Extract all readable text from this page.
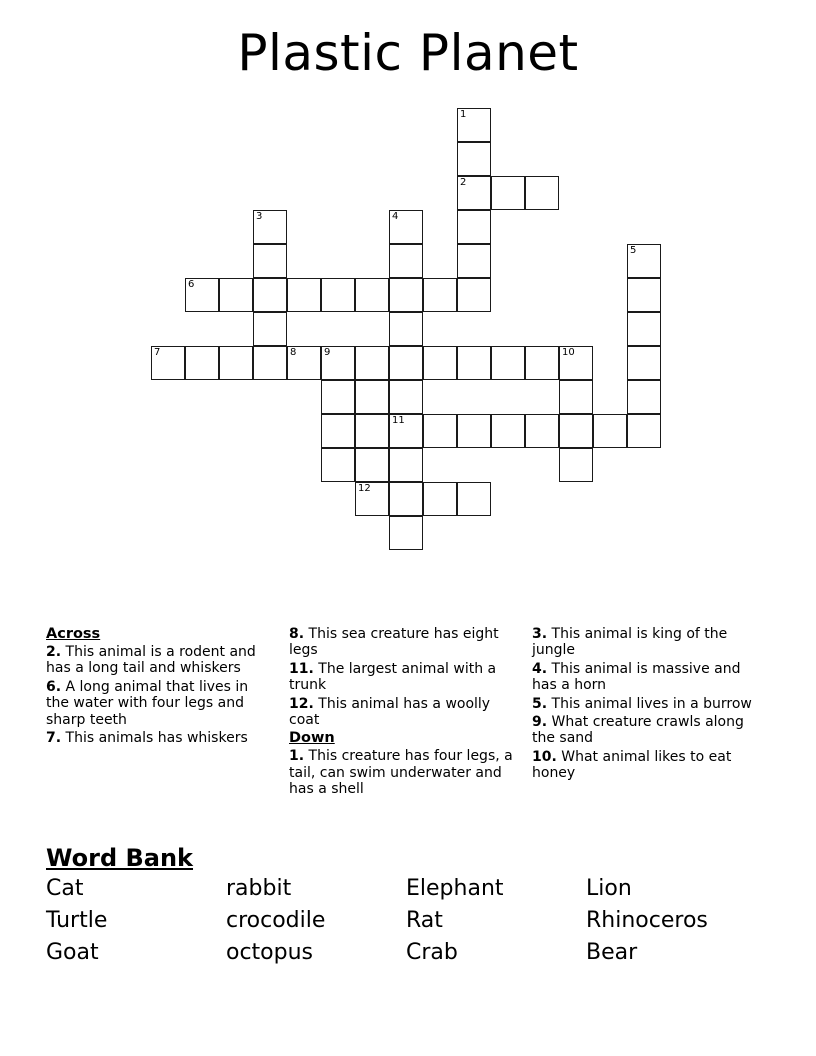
Plastic Planet
1
2
3	4
11
5
6
7	8	9
12
10
Across
2. This animal is a rodent and has a long tail and whiskers
6. A long animal that lives in the water with four legs and sharp teeth
7. This animals has whiskers
8. This sea creature has eight legs
11. The largest animal with a trunk
12. This animal has a woolly coat
Down
1. This creature has four legs, a tail, can swim underwater and has a shell
3. This animal is king of the jungle
4. This animal is massive and has a horn
5. This animal lives in a burrow
9. What creature crawls along the sand
10. What animal likes to eat honey
Word Bank
Cat	rabbit	Elephant	Lion
Turtle	crocodile	Rat	Rhinoceros
Goat	octopus	Crab	Bear
